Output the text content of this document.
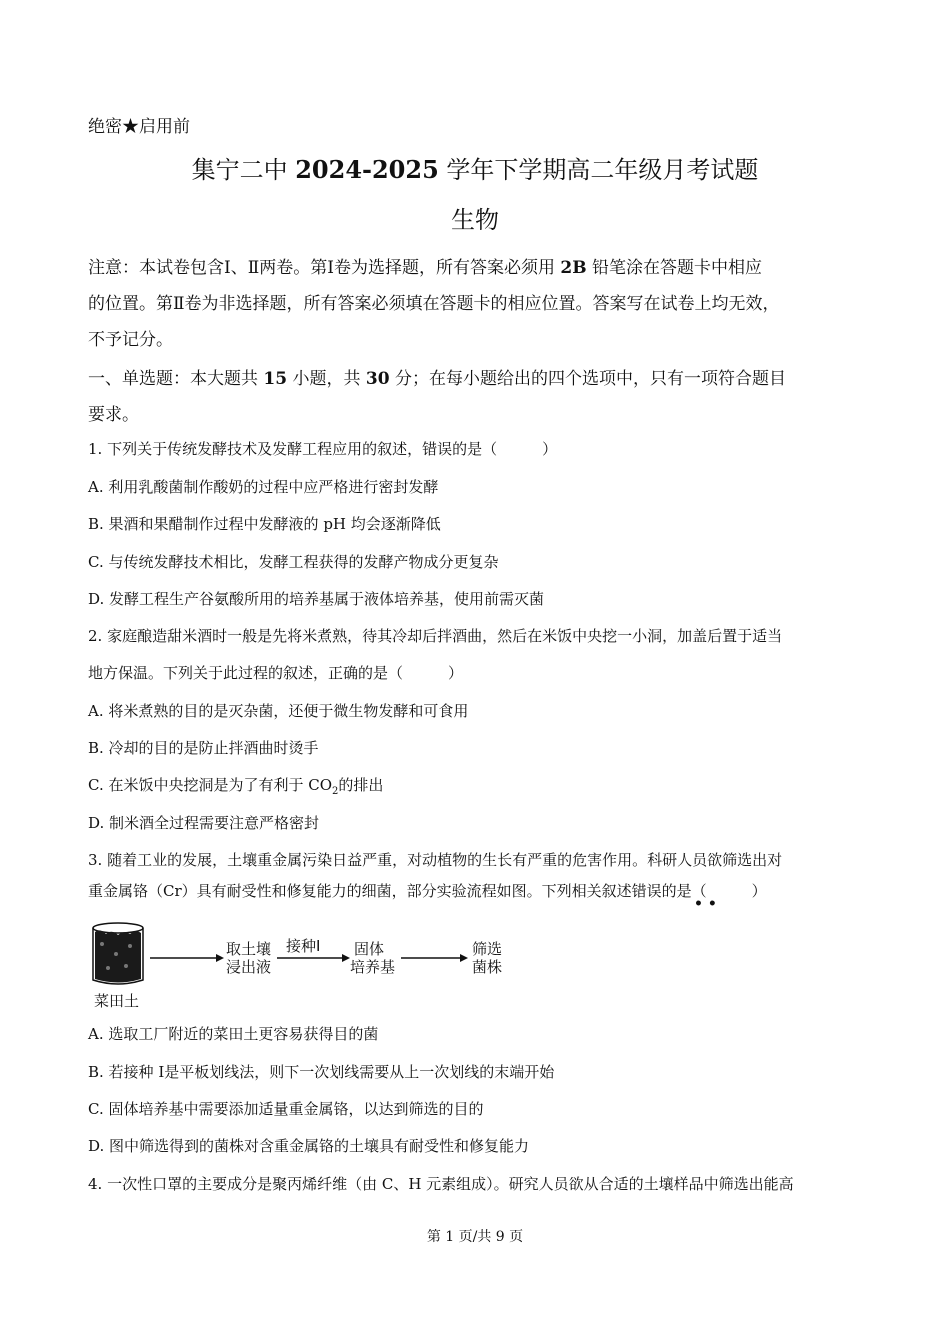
绝密★启用前
集宁二中 2024-2025 学年下学期高二年级月考试题
生物
注意：本试卷包含Ⅰ、Ⅱ两卷。第Ⅰ卷为选择题，所有答案必须用 2B 铅笔涂在答题卡中相应
的位置。第Ⅱ卷为非选择题，所有答案必须填在答题卡的相应位置。答案写在试卷上均无效，
不予记分。
一、单选题：本大题共 15 小题，共 30 分；在每小题给出的四个选项中，只有一项符合题目
要求。
1. 下列关于传统发酵技术及发酵工程应用的叙述，错误的是（　　　）
A. 利用乳酸菌制作酸奶的过程中应严格进行密封发酵
B. 果酒和果醋制作过程中发酵液的 pH 均会逐渐降低
C. 与传统发酵技术相比，发酵工程获得的发酵产物成分更复杂
D. 发酵工程生产谷氨酸所用的培养基属于液体培养基，使用前需灭菌
2. 家庭酿造甜米酒时一般是先将米煮熟，待其冷却后拌酒曲，然后在米饭中央挖一小洞，加盖后置于适当
地方保温。下列关于此过程的叙述，正确的是（　　　）
A. 将米煮熟的目的是灭杂菌，还便于微生物发酵和可食用
B. 冷却的目的是防止拌酒曲时烫手
C. 在米饭中央挖洞是为了有利于 $CO_2$的排出
D. 制米酒全过程需要注意严格密封
3. 随着工业的发展，土壤重金属污染日益严重，对动植物的生长有严重的危害作用。科研人员欲筛选出对
重金属铬（Cr）具有耐受性和修复能力的细菌，部分实验流程如图。下列相关叙述错误的是（　　　）
• •
菜田土
取土壤
浸出液
接种Ⅰ 固体
培养基
筛选
菌株
A. 选取工厂附近的菜田土更容易获得目的菌
B. 若接种 Ⅰ是平板划线法，则下一次划线需要从上一次划线的末端开始
C. 固体培养基中需要添加适量重金属铬，以达到筛选的目的
D. 图中筛选得到的菌株对含重金属铬的土壤具有耐受性和修复能力
4. 一次性口罩的主要成分是聚丙烯纤维（由 C、H 元素组成）。研究人员欲从合适的土壤样品中筛选出能高
第 1 页/共 9 页
